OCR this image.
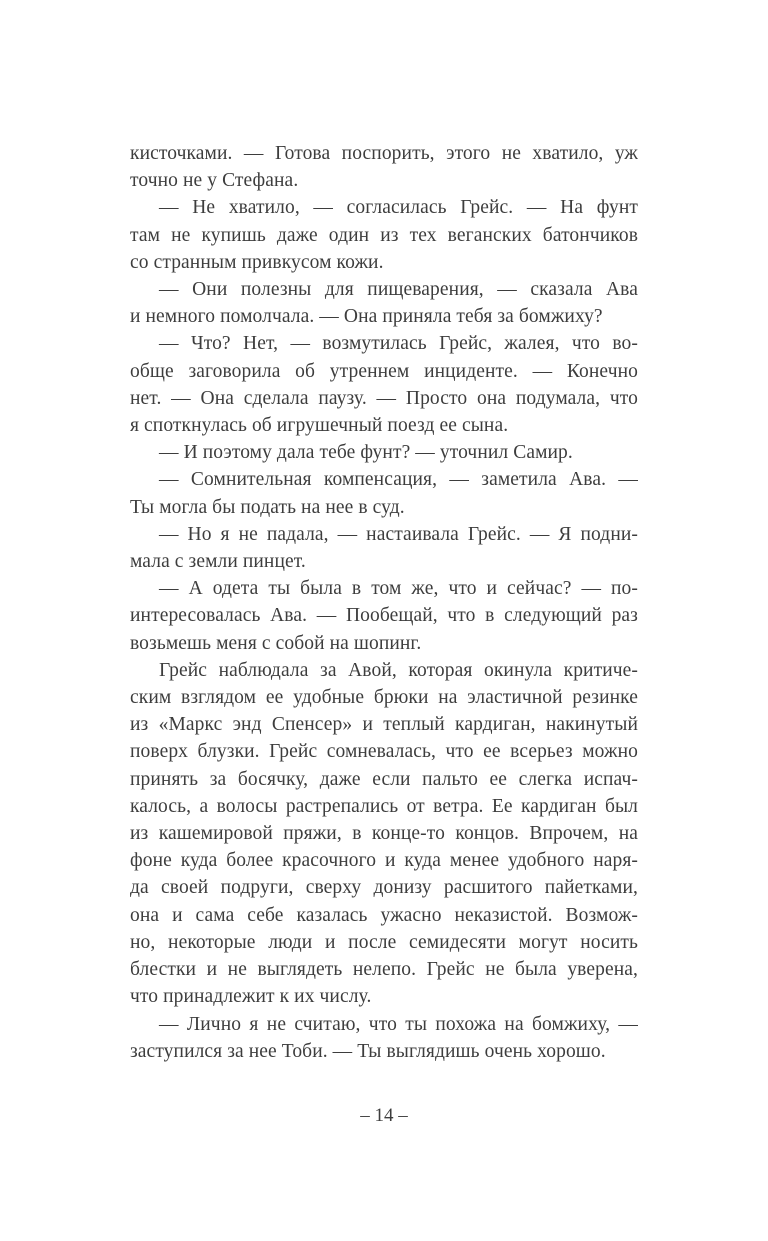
кисточками. — Готова поспорить, этого не хватило, уж
точно не у Стефана.
— Не хватило, — согласилась Грейс. — На фунт
там не купишь даже один из тех веганских батончиков
со странным привкусом кожи.
— Они полезны для пищеварения, — сказала Ава
и немного помолчала. — Она приняла тебя за бомжиху?
— Что? Нет, — возмутилась Грейс, жалея, что во-
обще заговорила об утреннем инциденте. — Конечно
нет. — Она сделала паузу. — Просто она подумала, что
я споткнулась об игрушечный поезд ее сына.
— И поэтому дала тебе фунт? — уточнил Самир.
— Сомнительная компенсация, — заметила Ава. —
Ты могла бы подать на нее в суд.
— Но я не падала, — настаивала Грейс. — Я подни-
мала с земли пинцет.
— А одета ты была в том же, что и сейчас? — по-
интересовалась Ава. — Пообещай, что в следующий раз
возьмешь меня с собой на шопинг.
Грейс наблюдала за Авой, которая окинула критиче-
ским взглядом ее удобные брюки на эластичной резинке
из «Маркс энд Спенсер» и теплый кардиган, накинутый
поверх блузки. Грейс сомневалась, что ее всерьез можно
принять за босячку, даже если пальто ее слегка испач-
калось, а волосы растрепались от ветра. Ее кардиган был
из кашемировой пряжи, в конце-то концов. Впрочем, на
фоне куда более красочного и куда менее удобного наря-
да своей подруги, сверху донизу расшитого пайетками,
она и сама себе казалась ужасно неказистой. Возмож-
но, некоторые люди и после семидесяти могут носить
блестки и не выглядеть нелепо. Грейс не была уверена,
что принадлежит к их числу.
— Лично я не считаю, что ты похожа на бомжиху, —
заступился за нее Тоби. — Ты выглядишь очень хорошо.
– 14 –
